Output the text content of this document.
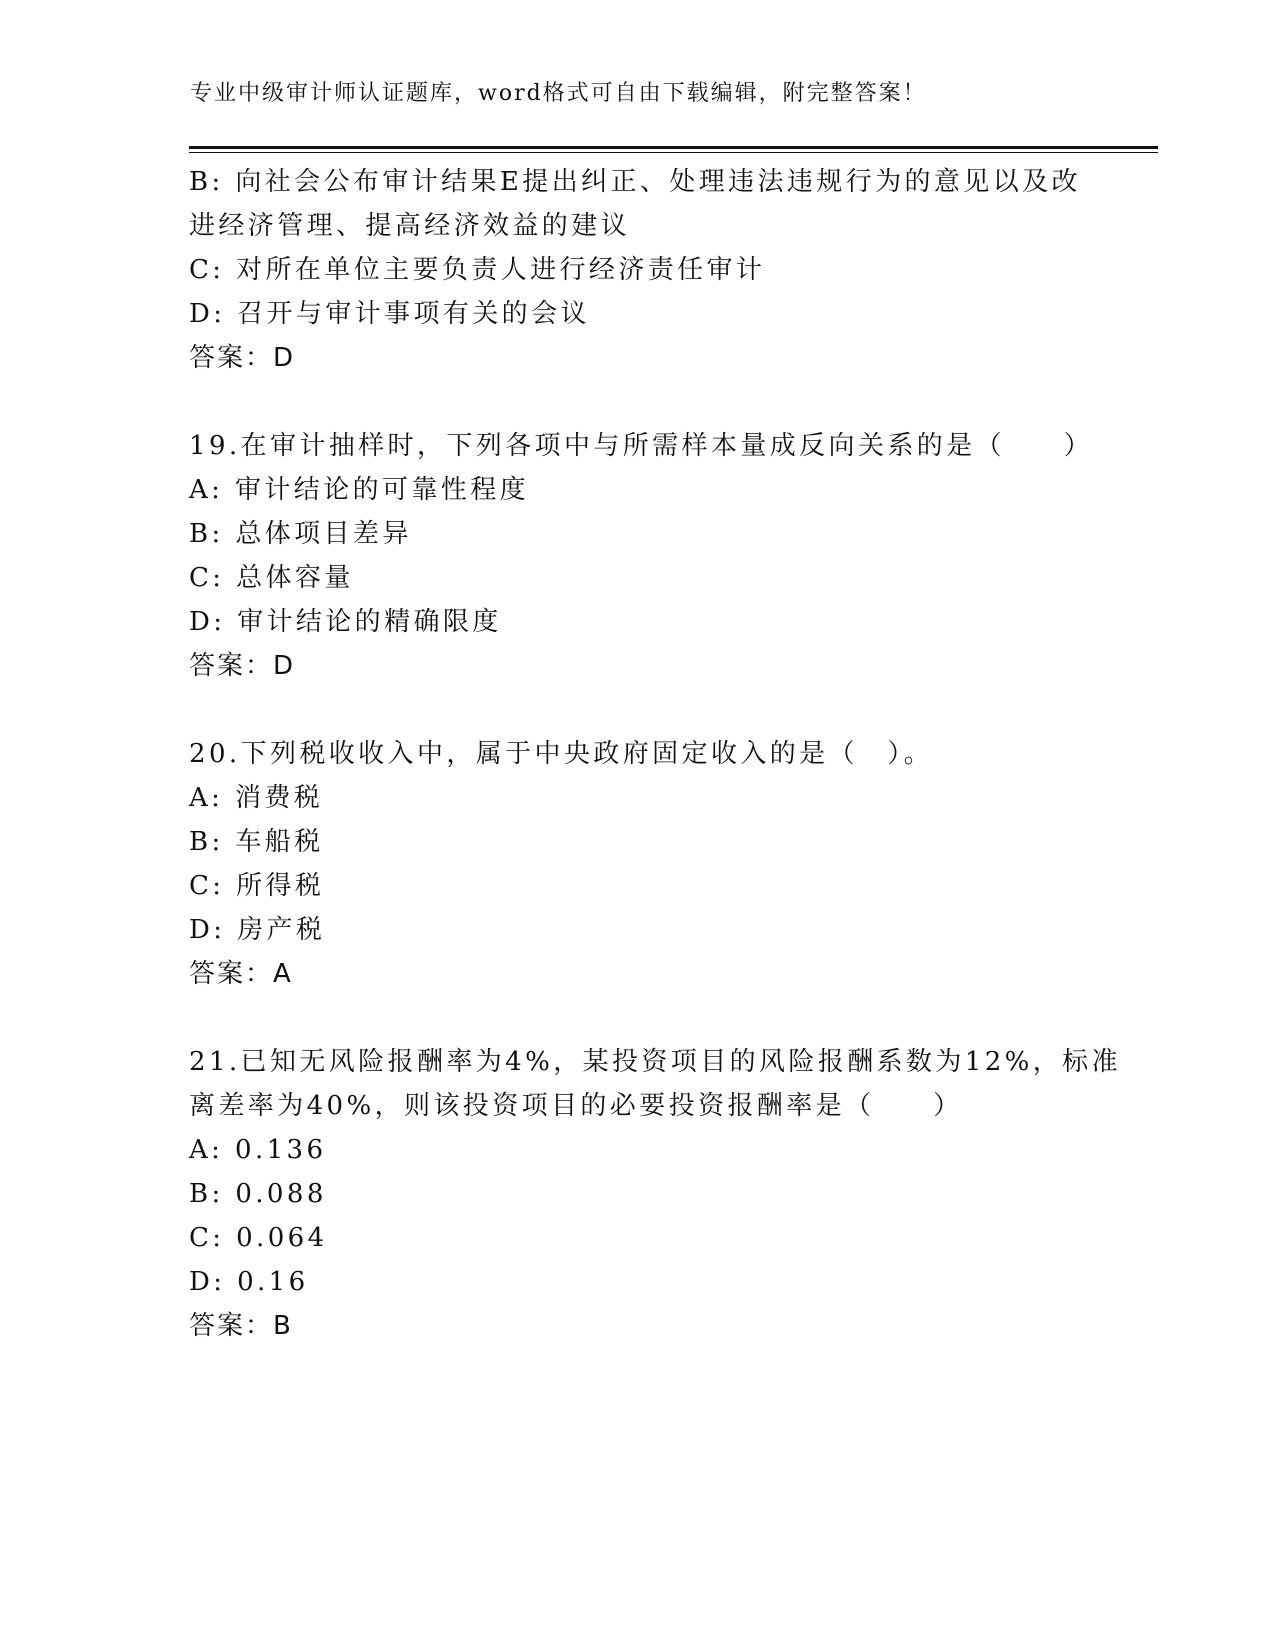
专业中级审计师认证题库，word格式可自由下载编辑，附完整答案！
B: 向社会公布审计结果E提出纠正、处理违法违规行为的意见以及改
进经济管理、提高经济效益的建议
C: 对所在单位主要负责人进行经济责任审计
D: 召开与审计事项有关的会议
答案：D
19.在审计抽样时，下列各项中与所需样本量成反向关系的是（　　）
A: 审计结论的可靠性程度
B: 总体项目差异
C: 总体容量
D: 审计结论的精确限度
答案：D
20.下列税收收入中，属于中央政府固定收入的是（　）。
A: 消费税
B: 车船税
C: 所得税
D: 房产税
答案：A
21.已知无风险报酬率为4%，某投资项目的风险报酬系数为12%，标准
离差率为40%，则该投资项目的必要投资报酬率是（　　）
A: 0.136
B: 0.088
C: 0.064
D: 0.16
答案：B
